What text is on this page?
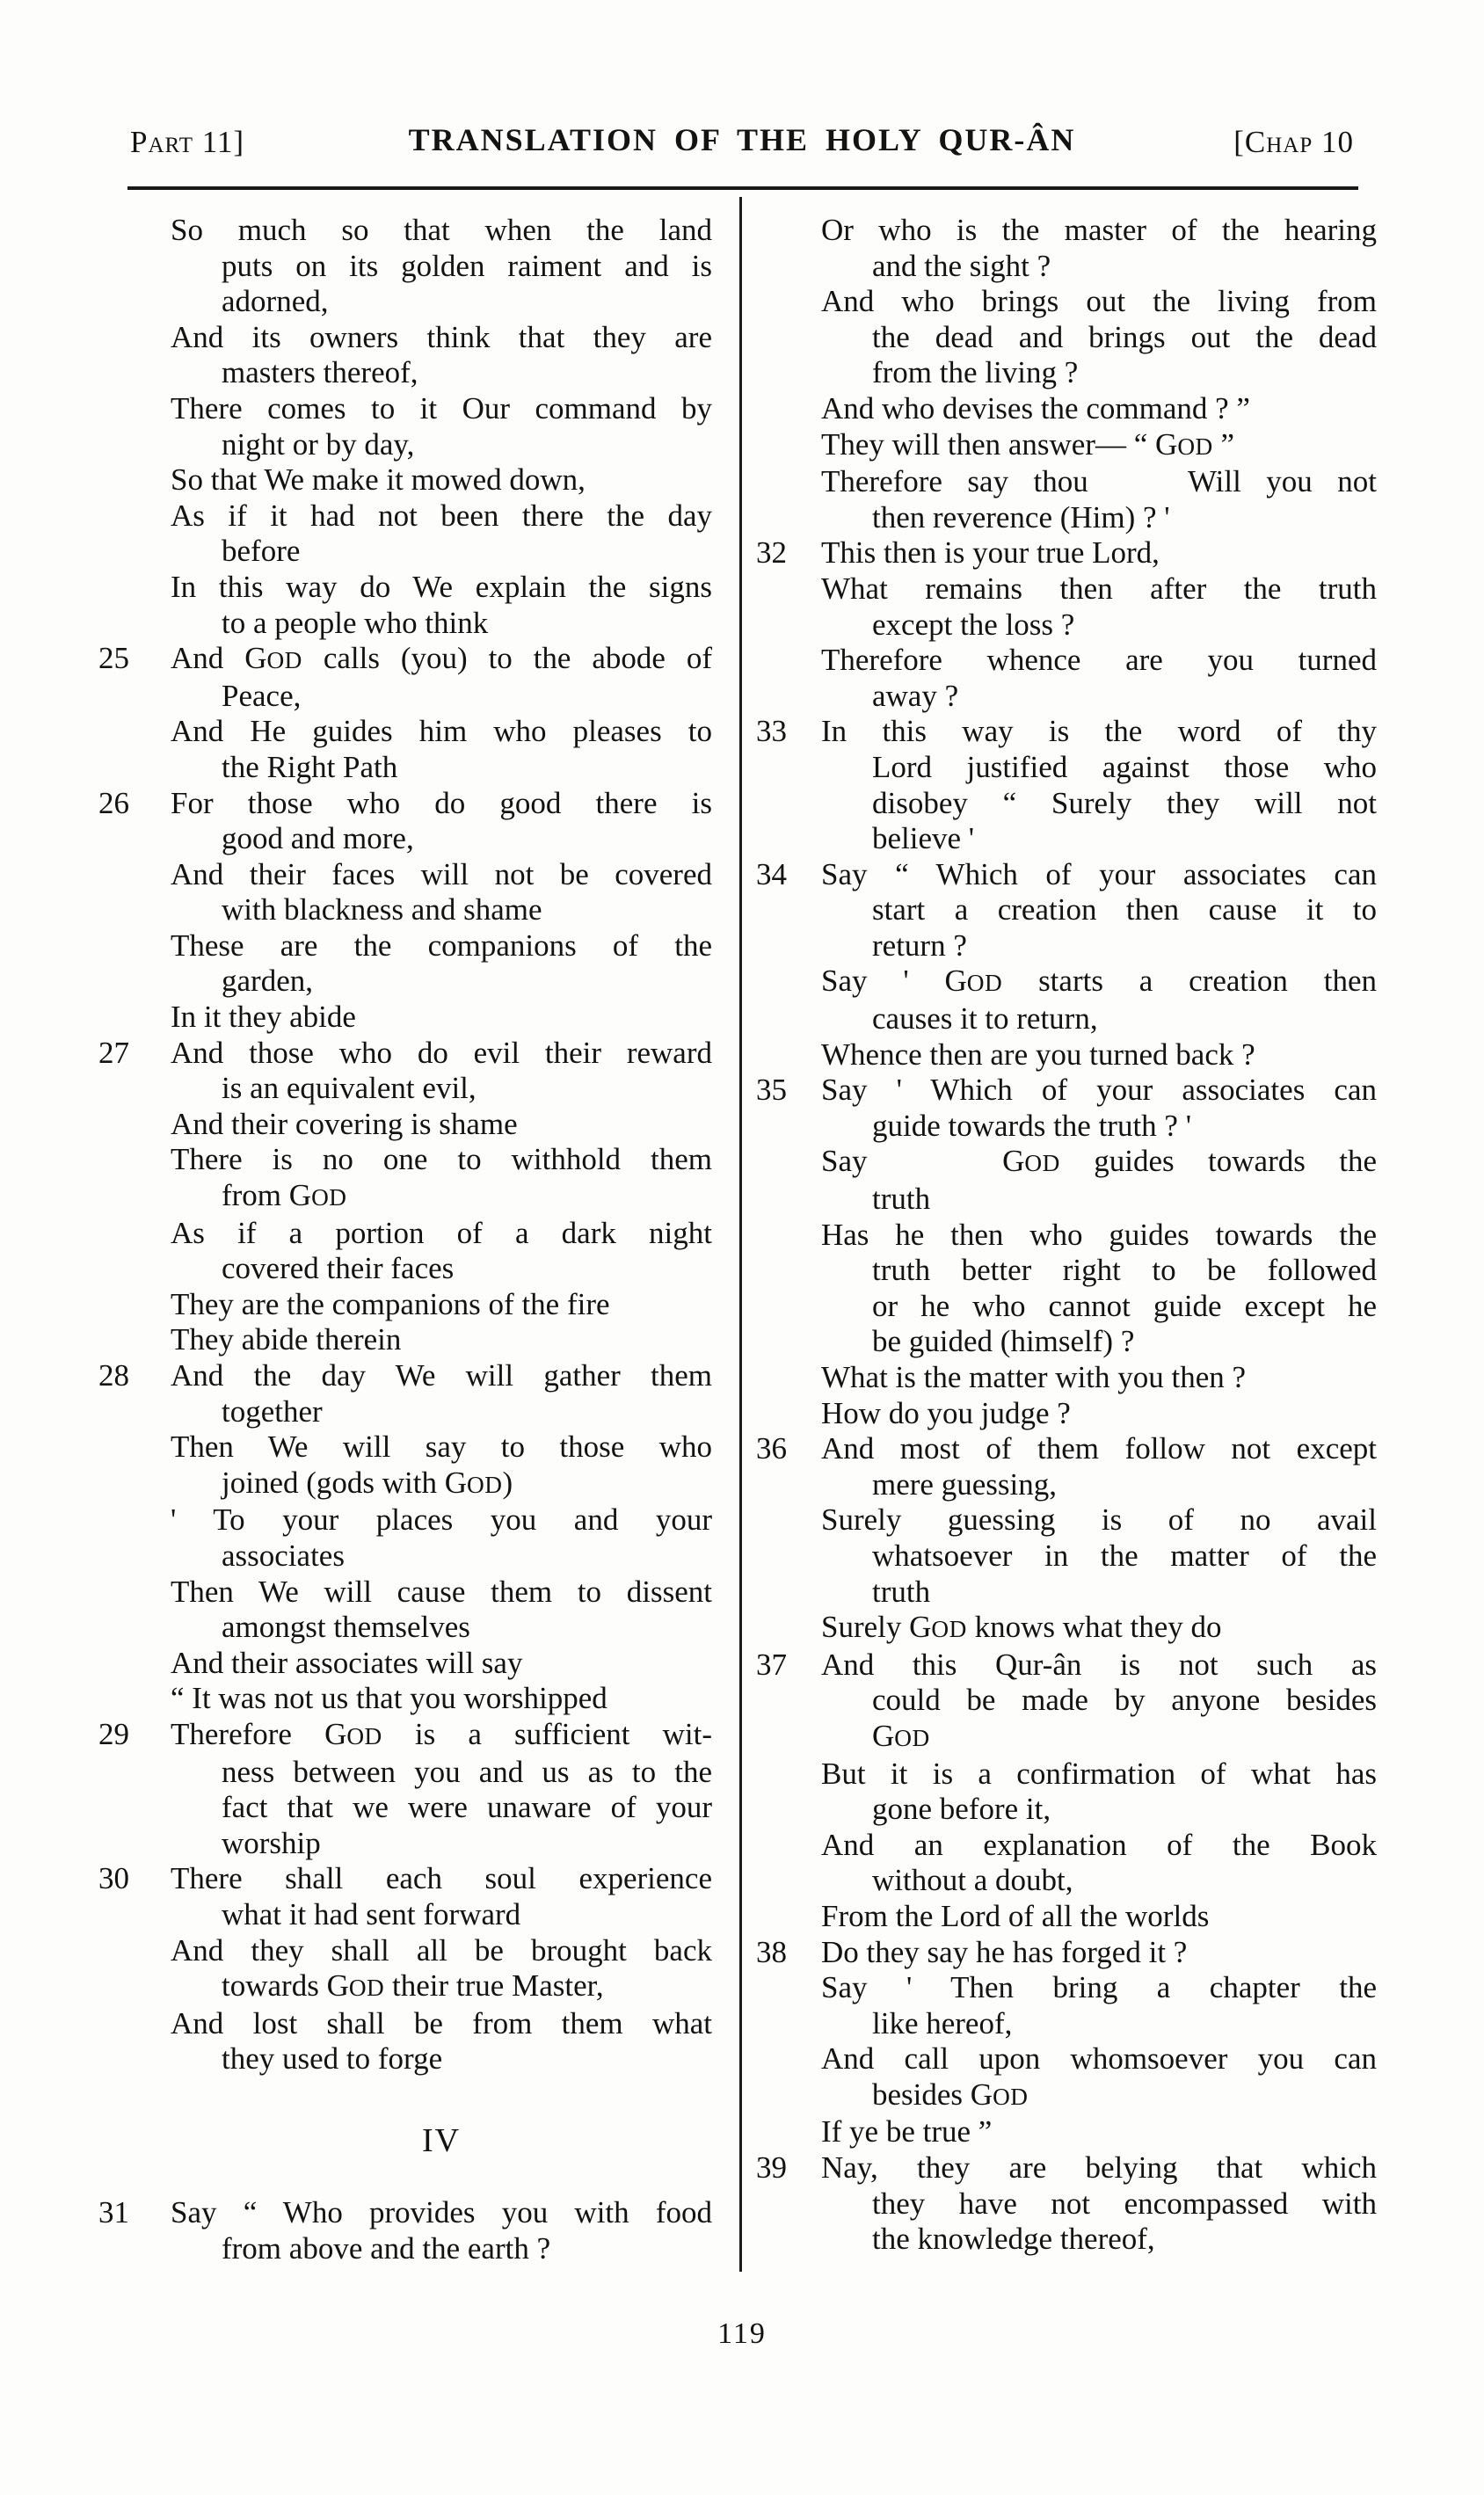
Part 11]	TRANSLATION OF THE HOLY QUR-ÂN	[Chap 10
So much so that when the land
puts on its golden raiment and is
adorned,
And its owners think that they are
masters thereof,
There comes to it Our command by
night or by day,
So that We make it mowed down,
As if it had not been there the day
before
In this way do We explain the signs
to a people who think
25	And GOD calls (you) to the abode of
Peace,
And He guides him who pleases to
the Right Path
26	For those who do good there is
good and more,
And their faces will not be covered
with blackness and shame
These are the companions of the
garden,
In it they abide
27	And those who do evil their reward
is an equivalent evil,
And their covering is shame
There is no one to withhold them
from GOD
As if a portion of a dark night
covered their faces
They are the companions of the fire
They abide therein
28	And the day We will gather them
together
Then We will say to those who
joined (gods with GOD)
' To your places you and your
associates
Then We will cause them to dissent
amongst themselves
And their associates will say
“ It was not us that you worshipped
29	Therefore GOD is a sufficient wit-
ness between you and us as to the
fact that we were unaware of your
worship
30	There shall each soul experience
what it had sent forward
And they shall all be brought back
towards GOD their true Master,
And lost shall be from them what
they used to forge
IV
31	Say “ Who provides you with food
from above and the earth ?
Or who is the master of the hearing
and the sight ?
And who brings out the living from
the dead and brings out the dead
from the living ?
And who devises the command ? ”
They will then answer— “ GOD ”
Therefore say thou    Will you not
then reverence (Him) ? '
32	This then is your true Lord,
What remains then after the truth
except the loss ?
Therefore whence are you turned
away ?
33	In this way is the word of thy
Lord justified against those who
disobey “ Surely they will not
believe '
34	Say “ Which of your associates can
start a creation then cause it to
return ?
Say ' GOD starts a creation then
causes it to return,
Whence then are you turned back ?
35	Say ' Which of your associates can
guide towards the truth ? '
Say    GOD guides towards the
truth
Has he then who guides towards the
truth better right to be followed
or he who cannot guide except he
be guided (himself) ?
What is the matter with you then ?
How do you judge ?
36	And most of them follow not except
mere guessing,
Surely guessing is of no avail
whatsoever in the matter of the
truth
Surely GOD knows what they do
37	And this Qur-ân is not such as
could be made by anyone besides
GOD
But it is a confirmation of what has
gone before it,
And an explanation of the Book
without a doubt,
From the Lord of all the worlds
38	Do they say he has forged it ?
Say ' Then bring a chapter the
like hereof,
And call upon whomsoever you can
besides GOD
If ye be true ”
39	Nay, they are belying that which
they have not encompassed with
the knowledge thereof,
119
